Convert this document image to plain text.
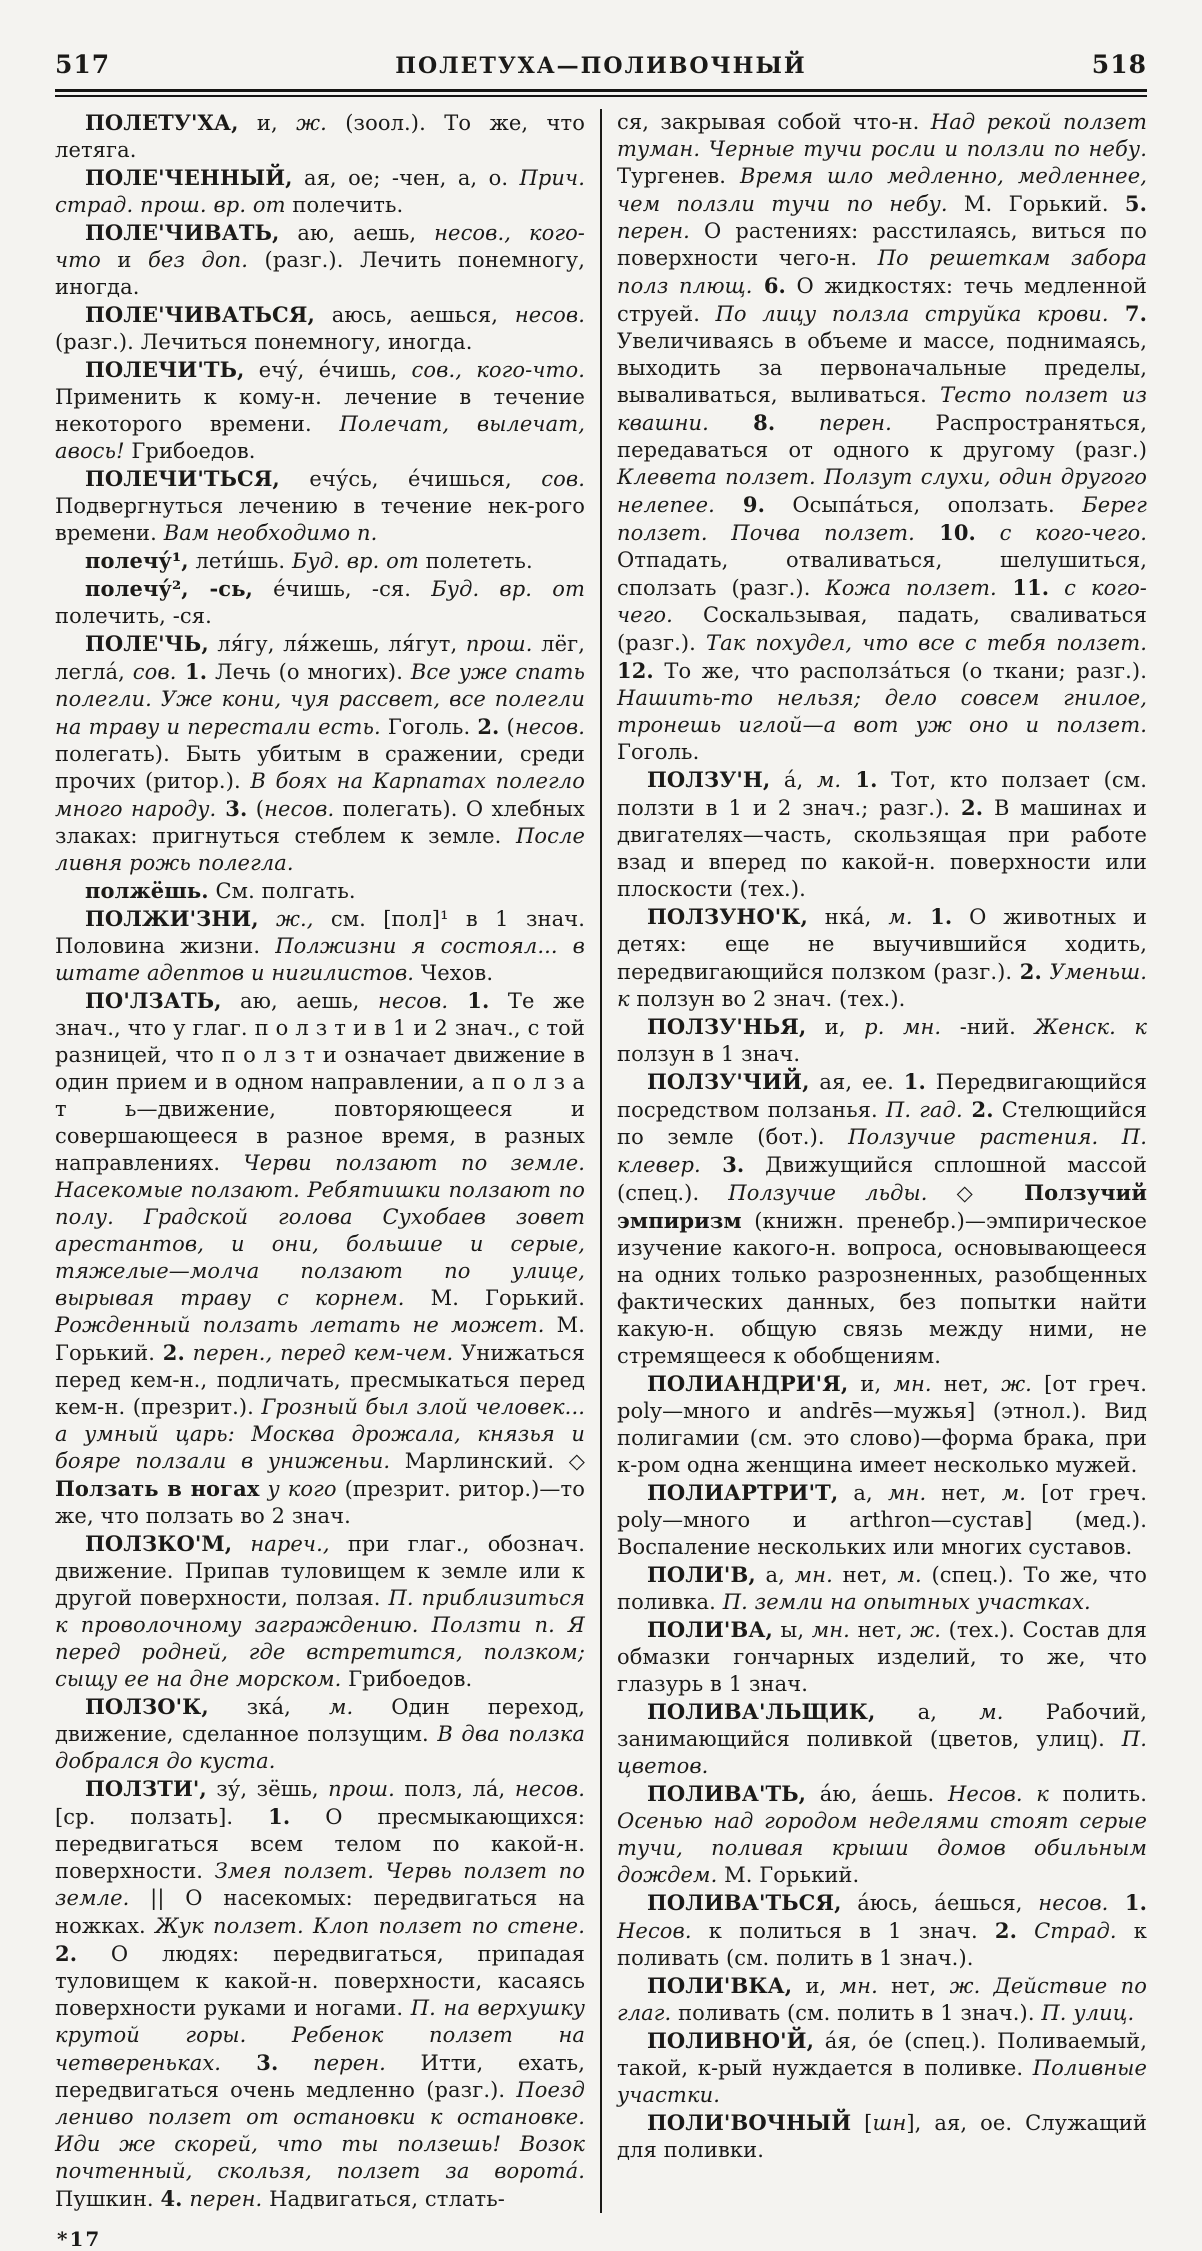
517	ПОЛЕТУХА—ПОЛИВОЧНЫЙ	518

ПОЛЕТУ'ХА, и, ж. (зоол.). То же, что летяга.

ПОЛЕ'ЧЕННЫЙ, ая, ое; -чен, а, о. Прич. страд. прош. вр. от полечить.

ПОЛЕ'ЧИВАТЬ, аю, аешь, несов., кого-что и без доп. (разг.). Лечить понемногу, иногда.

ПОЛЕ'ЧИВАТЬСЯ, аюсь, аешься, несов. (разг.). Лечиться понемногу, иногда.

ПОЛЕЧИ'ТЬ, ечу́, е́чишь, сов., кого-что. Применить к кому-н. лечение в течение некоторого времени. Полечат, вылечат, авось! Грибоедов.

ПОЛЕЧИ'ТЬСЯ, ечу́сь, е́чишься, сов. Подвергнуться лечению в течение нек-рого времени. Вам необходимо п.

полечу́¹, лети́шь. Буд. вр. от полететь.

полечу́², -сь, е́чишь, -ся. Буд. вр. от полечить, -ся.

ПОЛЕ'ЧЬ, ля́гу, ля́жешь, ля́гут, прош. лёг, легла́, сов. 1. Лечь (о многих). Все уже спать полегли. Уже кони, чуя рассвет, все полегли на траву и перестали есть. Гоголь. 2. (несов. полегать). Быть убитым в сражении, среди прочих (ритор.). В боях на Карпатах полегло много народу. 3. (несов. полегать). О хлебных злаках: пригнуться стеблем к земле. После ливня рожь полегла.

полжёшь. См. полгать.

ПОЛЖИ'ЗНИ, ж., см. [пол]¹ в 1 знач. Половина жизни. Полжизни я состоял... в штате адептов и нигилистов. Чехов.

ПО'ЛЗАТЬ, аю, аешь, несов. 1. Те же знач., что у глаг. п о л з т и в 1 и 2 знач., с той разницей, что п о л з т и означает движение в один прием и в одном направлении, а п о л з а т ь—движение, повторяющееся и совершающееся в разное время, в разных направлениях. Черви ползают по земле. Насекомые ползают. Ребятишки ползают по полу. Градской голова Сухобаев зовет арестантов, и они, большие и серые, тяжелые—молча ползают по улице, вырывая траву с корнем. М. Горький. Рожденный ползать летать не может. М. Горький. 2. перен., перед кем-чем. Унижаться перед кем-н., подличать, пресмыкаться перед кем-н. (презрит.). Грозный был злой человек... а умный царь: Москва дрожала, князья и бояре ползали в униженьи. Марлинский. ◇ Ползать в ногах у кого (презрит. ритор.)—то же, что ползать во 2 знач.

ПОЛЗКО'М, нареч., при глаг., обознач. движение. Припав туловищем к земле или к другой поверхности, ползая. П. приблизиться к проволочному заграждению. Ползти п. Я перед родней, где встретится, ползком; сыщу ее на дне морском. Грибоедов.

ПОЛЗО'К, зка́, м. Один переход, движение, сделанное ползущим. В два ползка добрался до куста.

ПОЛЗТИ', зу́, зёшь, прош. полз, ла́, несов. [ср. ползать]. 1. О пресмыкающихся: передвигаться всем телом по какой-н. поверхности. Змея ползет. Червь ползет по земле. || О насекомых: передвигаться на ножках. Жук ползет. Клоп ползет по стене. 2. О людях: передвигаться, припадая туловищем к какой-н. поверхности, касаясь поверхности руками и ногами. П. на верхушку крутой горы. Ребенок ползет на четвереньках. 3. перен. Итти, ехать, передвигаться очень медленно (разг.). Поезд лениво ползет от остановки к остановке. Иди же скорей, что ты ползешь! Возок почтенный, скользя, ползет за ворота́. Пушкин. 4. перен. Надвигаться, стлать-

ся, закрывая собой что-н. Над рекой ползет туман. Черные тучи росли и ползли по небу. Тургенев. Время шло медленно, медленнее, чем ползли тучи по небу. М. Горький. 5. перен. О растениях: расстилаясь, виться по поверхности чего-н. По решеткам забора полз плющ. 6. О жидкостях: течь медленной струей. По лицу ползла струйка крови. 7. Увеличиваясь в объеме и массе, поднимаясь, выходить за первоначальные пределы, вываливаться, выливаться. Тесто ползет из квашни. 8. перен. Распространяться, передаваться от одного к другому (разг.) Клевета ползет. Ползут слухи, один другого нелепее. 9. Осыпа́ться, оползать. Берег ползет. Почва ползет. 10. с кого-чего. Отпадать, отваливаться, шелушиться, сползать (разг.). Кожа ползет. 11. с кого-чего. Соскальзывая, падать, сваливаться (разг.). Так похудел, что все с тебя ползет. 12. То же, что располза́ться (о ткани; разг.). Нашить-то нельзя; дело совсем гнилое, тронешь иглой—а вот уж оно и ползет. Гоголь.

ПОЛЗУ'Н, а́, м. 1. Тот, кто ползает (см. ползти в 1 и 2 знач.; разг.). 2. В машинах и двигателях—часть, скользящая при работе взад и вперед по какой-н. поверхности или плоскости (тех.).

ПОЛЗУНО'К, нка́, м. 1. О животных и детях: еще не выучившийся ходить, передвигающийся ползком (разг.). 2. Уменьш. к ползун во 2 знач. (тех.).

ПОЛЗУ'НЬЯ, и, р. мн. -ний. Женск. к ползун в 1 знач.

ПОЛЗУ'ЧИЙ, ая, ее. 1. Передвигающийся посредством ползанья. П. гад. 2. Стелющийся по земле (бот.). Ползучие растения. П. клевер. 3. Движущийся сплошной массой (спец.). Ползучие льды. ◇ Ползучий эмпиризм (книжн. пренебр.)—эмпирическое изучение какого-н. вопроса, основывающееся на одних только разрозненных, разобщенных фактических данных, без попытки найти какую-н. общую связь между ними, не стремящееся к обобщениям.

ПОЛИАНДРИ'Я, и, мн. нет, ж. [от греч. poly—много и andrēs—мужья] (этнол.). Вид полигамии (см. это слово)—форма брака, при к-ром одна женщина имеет несколько мужей.

ПОЛИАРТРИ'Т, а, мн. нет, м. [от греч. poly—много и arthron—сустав] (мед.). Воспаление нескольких или многих суставов.

ПОЛИ'В, а, мн. нет, м. (спец.). То же, что поливка. П. земли на опытных участках.

ПОЛИ'ВА, ы, мн. нет, ж. (тех.). Состав для обмазки гончарных изделий, то же, что глазурь в 1 знач.

ПОЛИВА'ЛЬЩИК, а, м. Рабочий, занимающийся поливкой (цветов, улиц). П. цветов.

ПОЛИВА'ТЬ, а́ю, а́ешь. Несов. к полить. Осенью над городом неделями стоят серые тучи, поливая крыши домов обильным дождем. М. Горький.

ПОЛИВА'ТЬСЯ, а́юсь, а́ешься, несов. 1. Несов. к политься в 1 знач. 2. Страд. к поливать (см. полить в 1 знач.).

ПОЛИ'ВКА, и, мн. нет, ж. Действие по глаг. поливать (см. полить в 1 знач.). П. улиц.

ПОЛИВНО'Й, а́я, о́е (спец.). Поливаемый, такой, к-рый нуждается в поливке. Поливные участки.

ПОЛИ'ВОЧНЫЙ [шн], ая, ое. Служащий для поливки.

*17
